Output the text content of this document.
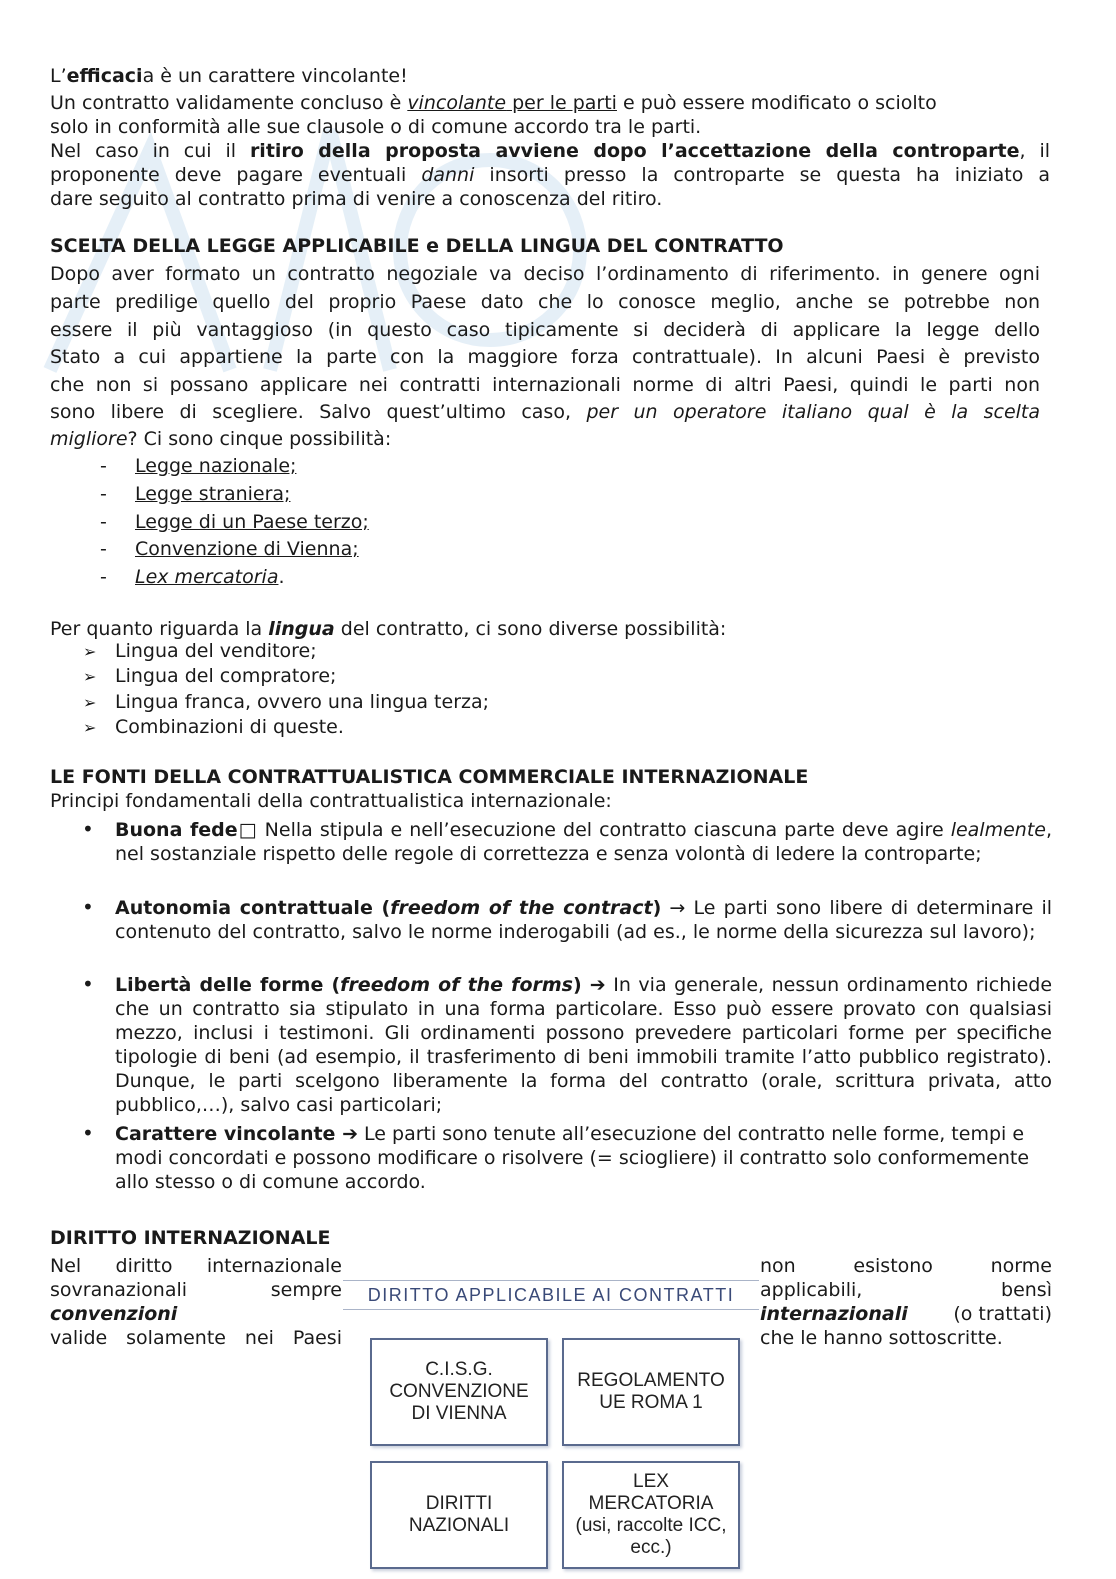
L’efficacia è un carattere vincolante!
Un contratto validamente concluso è vincolante per le parti e può essere modificato o sciolto
solo in conformità alle sue clausole o di comune accordo tra le parti.
Nel caso in cui il ritiro della proposta avviene dopo l’accettazione della controparte, il
proponente deve pagare eventuali danni insorti presso la controparte se questa ha iniziato a
dare seguito al contratto prima di venire a conoscenza del ritiro.
SCELTA DELLA LEGGE APPLICABILE e DELLA LINGUA DEL CONTRATTO
Dopo aver formato un contratto negoziale va deciso l’ordinamento di riferimento. in genere ogni
parte predilige quello del proprio Paese dato che lo conosce meglio, anche se potrebbe non
essere il più vantaggioso (in questo caso tipicamente si deciderà di applicare la legge dello
Stato a cui appartiene la parte con la maggiore forza contrattuale). In alcuni Paesi è previsto
che non si possano applicare nei contratti internazionali norme di altri Paesi, quindi le parti non
sono libere di scegliere. Salvo quest’ultimo caso, per un operatore italiano qual è la scelta
migliore? Ci sono cinque possibilità:
- Legge nazionale;
- Legge straniera;
- Legge di un Paese terzo;
- Convenzione di Vienna;
- Lex mercatoria.
Per quanto riguarda la lingua del contratto, ci sono diverse possibilità:
➢ Lingua del venditore;
➢ Lingua del compratore;
➢ Lingua franca, ovvero una lingua terza;
➢ Combinazioni di queste.
LE FONTI DELLA CONTRATTUALISTICA COMMERCIALE INTERNAZIONALE
Principi fondamentali della contrattualistica internazionale:
• Buona fede□ Nella stipula e nell’esecuzione del contratto ciascuna parte deve agire lealmente, nel sostanziale rispetto delle regole di correttezza e senza volontà di ledere la controparte;
• Autonomia contrattuale (freedom of the contract) → Le parti sono libere di determinare il contenuto del contratto, salvo le norme inderogabili (ad es., le norme della sicurezza sul lavoro);
• Libertà delle forme (freedom of the forms) ➔ In via generale, nessun ordinamento richiede che un contratto sia stipulato in una forma particolare. Esso può essere provato con qualsiasi mezzo, inclusi i testimoni. Gli ordinamenti possono prevedere particolari forme per specifiche tipologie di beni (ad esempio, il trasferimento di beni immobili tramite l’atto pubblico registrato). Dunque, le parti scelgono liberamente la forma del contratto (orale, scrittura privata, atto pubblico,…), salvo casi particolari;
• Carattere vincolante ➔ Le parti sono tenute all’esecuzione del contratto nelle forme, tempi e modi concordati e possono modificare o risolvere (= sciogliere) il contratto solo conformemente allo stesso o di comune accordo.
DIRITTO INTERNAZIONALE
Nel diritto internazionale
sovranazionali	sempre
convenzioni
valide solamente nei Paesi
non	esistono	norme
applicabili,	bensì
internazionali (o trattati)
che le hanno sottoscritte.
DIRITTO APPLICABILE AI CONTRATTI
C.I.S.G.
CONVENZIONE
DI VIENNA
REGOLAMENTO
UE ROMA 1
DIRITTI
NAZIONALI
LEX
MERCATORIA
(usi, raccolte ICC,
ecc.)
